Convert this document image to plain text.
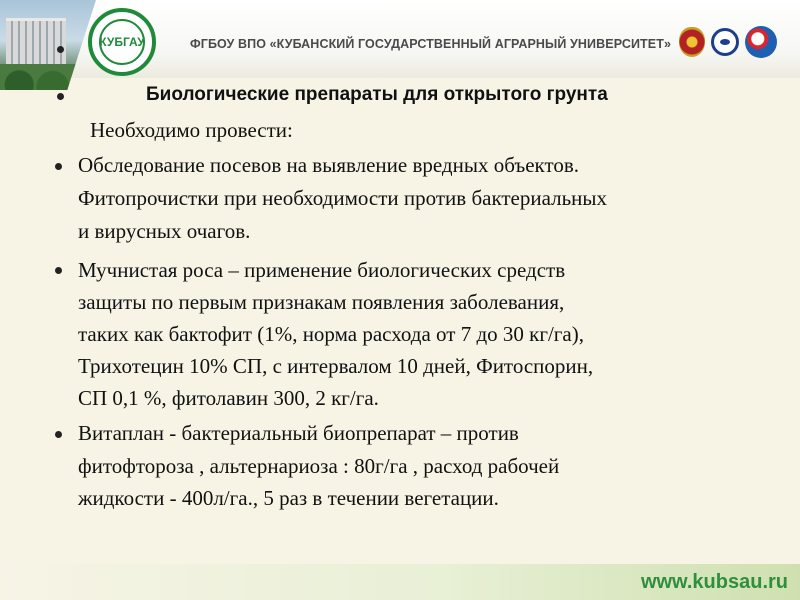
КУБГАУ	ФГБОУ ВПО «КУБАНСКИЙ ГОСУДАРСТВЕННЫЙ АГРАРНЫЙ УНИВЕРСИТЕТ»
Биологические препараты для открытого грунта
Необходимо провести:
Обследование посевов на выявление вредных объектов.
Фитопрочистки при необходимости против бактериальных
и вирусных очагов.
Мучнистая роса – применение биологических средств
защиты по первым признакам появления заболевания,
таких как бактофит (1%, норма расхода от 7 до 30 кг/га),
Трихотецин 10% СП, с интервалом 10 дней, Фитоспорин,
СП 0,1 %, фитолавин 300, 2 кг/га.
Витаплан - бактериальный биопрепарат – против
фитофтороза , альтернариоза : 80г/га , расход рабочей
жидкости - 400л/га., 5 раз в течении вегетации.
www.kubsau.ru
